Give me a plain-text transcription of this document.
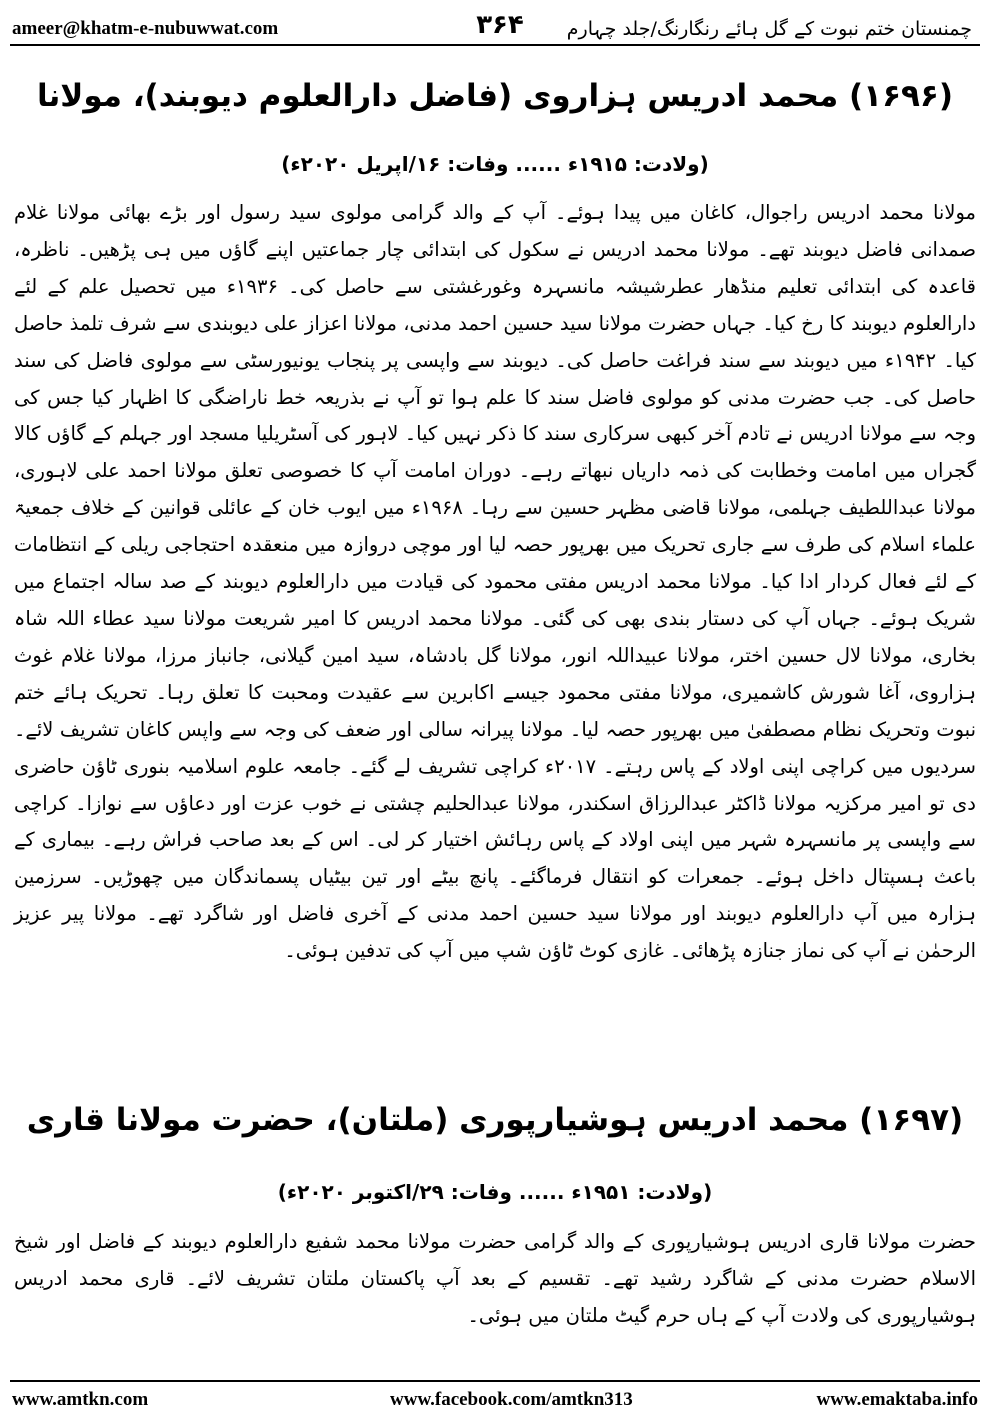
ameer@khatm-e-nubuwwat.com	۳۶۴	چمنستان ختم نبوت کے گل ہائے رنگارنگ/جلد چہارم
(۱۶۹۶) محمد ادریس ہزاروی (فاضل دارالعلوم دیوبند)، مولانا
(ولادت: ۱۹۱۵ء ...... وفات: ۱۶/اپریل ۲۰۲۰ء)

مولانا محمد ادریس راجوال، کاغان میں پیدا ہوئے۔ آپ کے والد گرامی مولوی سید رسول اور بڑے بھائی مولانا غلام صمدانی فاضل دیوبند تھے۔ مولانا محمد ادریس نے سکول کی ابتدائی چار جماعتیں اپنے گاؤں میں ہی پڑھیں۔ ناظرہ، قاعدہ کی ابتدائی تعلیم منڈھار عطرشیشہ مانسہرہ وغورغشتی سے حاصل کی۔ ۱۹۳۶ء میں تحصیل علم کے لئے دارالعلوم دیوبند کا رخ کیا۔ جہاں حضرت مولانا سید حسین احمد مدنی، مولانا اعزاز علی دیوبندی سے شرف تلمذ حاصل کیا۔ ۱۹۴۲ء میں دیوبند سے سند فراغت حاصل کی۔ دیوبند سے واپسی پر پنجاب یونیورسٹی سے مولوی فاضل کی سند حاصل کی۔ جب حضرت مدنی کو مولوی فاضل سند کا علم ہوا تو آپ نے بذریعہ خط ناراضگی کا اظہار کیا جس کی وجہ سے مولانا ادریس نے تادم آخر کبھی سرکاری سند کا ذکر نہیں کیا۔ لاہور کی آسٹریلیا مسجد اور جہلم کے گاؤں کالا گجراں میں امامت وخطابت کی ذمہ داریاں نبھاتے رہے۔ دوران امامت آپ کا خصوصی تعلق مولانا احمد علی لاہوری، مولانا عبداللطیف جہلمی، مولانا قاضی مظہر حسین سے رہا۔ ۱۹۶۸ء میں ایوب خان کے عائلی قوانین کے خلاف جمعیۃ علماء اسلام کی طرف سے جاری تحریک میں بھرپور حصہ لیا اور موچی دروازہ میں منعقدہ احتجاجی ریلی کے انتظامات کے لئے فعال کردار ادا کیا۔ مولانا محمد ادریس مفتی محمود کی قیادت میں دارالعلوم دیوبند کے صد سالہ اجتماع میں شریک ہوئے۔ جہاں آپ کی دستار بندی بھی کی گئی۔ مولانا محمد ادریس کا امیر شریعت مولانا سید عطاء اللہ شاہ بخاری، مولانا لال حسین اختر، مولانا عبیداللہ انور، مولانا گل بادشاہ، سید امین گیلانی، جانباز مرزا، مولانا غلام غوث ہزاروی، آغا شورش کاشمیری، مولانا مفتی محمود جیسے اکابرین سے عقیدت ومحبت کا تعلق رہا۔ تحریک ہائے ختم نبوت وتحریک نظام مصطفیٰ میں بھرپور حصہ لیا۔ مولانا پیرانہ سالی اور ضعف کی وجہ سے واپس کاغان تشریف لائے۔ سردیوں میں کراچی اپنی اولاد کے پاس رہتے۔ ۲۰۱۷ء کراچی تشریف لے گئے۔ جامعہ علوم اسلامیہ بنوری ٹاؤن حاضری دی تو امیر مرکزیہ مولانا ڈاکٹر عبدالرزاق اسکندر، مولانا عبدالحلیم چشتی نے خوب عزت اور دعاؤں سے نوازا۔ کراچی سے واپسی پر مانسہرہ شہر میں اپنی اولاد کے پاس رہائش اختیار کر لی۔ اس کے بعد صاحب فراش رہے۔ بیماری کے باعث ہسپتال داخل ہوئے۔ جمعرات کو انتقال فرماگئے۔ پانچ بیٹے اور تین بیٹیاں پسماندگان میں چھوڑیں۔ سرزمین ہزارہ میں آپ دارالعلوم دیوبند اور مولانا سید حسین احمد مدنی کے آخری فاضل اور شاگرد تھے۔ مولانا پیر عزیز الرحمٰن نے آپ کی نماز جنازہ پڑھائی۔ غازی کوٹ ٹاؤن شپ میں آپ کی تدفین ہوئی۔

(۱۶۹۷) محمد ادریس ہوشیارپوری (ملتان)، حضرت مولانا قاری
(ولادت: ۱۹۵۱ء ...... وفات: ۲۹/اکتوبر ۲۰۲۰ء)

حضرت مولانا قاری ادریس ہوشیارپوری کے والد گرامی حضرت مولانا محمد شفیع دارالعلوم دیوبند کے فاضل اور شیخ الاسلام حضرت مدنی کے شاگرد رشید تھے۔ تقسیم کے بعد آپ پاکستان ملتان تشریف لائے۔ قاری محمد ادریس ہوشیارپوری کی ولادت آپ کے ہاں حرم گیٹ ملتان میں ہوئی۔

www.amtkn.com	www.facebook.com/amtkn313	www.emaktaba.info
